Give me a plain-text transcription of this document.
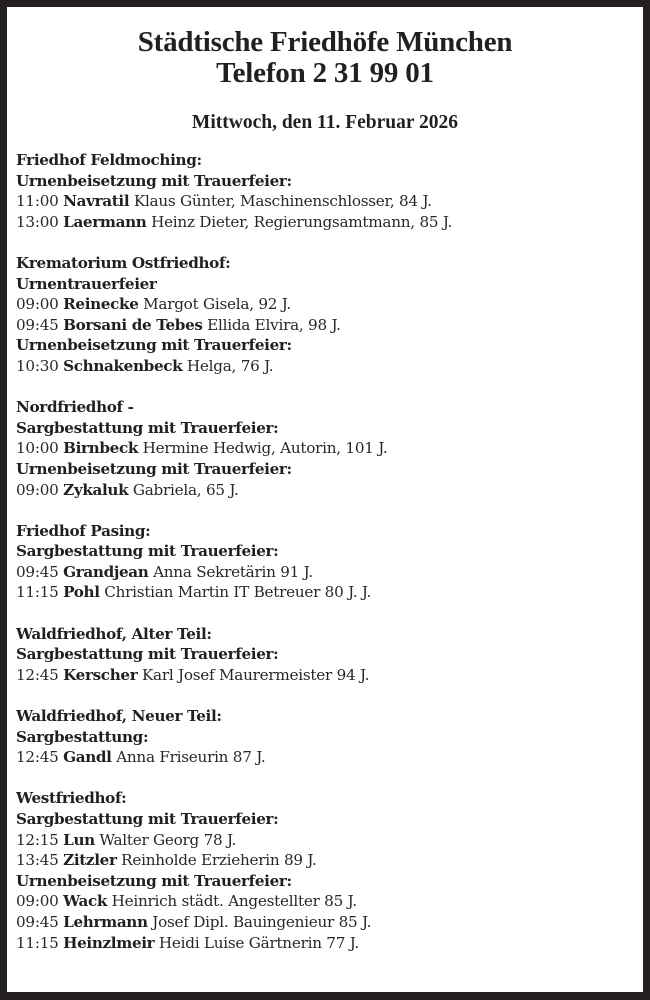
Städtische Friedhöfe München
Telefon 2 31 99 01
Mittwoch, den 11. Februar 2026
Friedhof Feldmoching:
Urnenbeisetzung mit Trauerfeier:
11:00 Navratil Klaus Günter, Maschinenschlosser, 84 J.
13:00 Laermann Heinz Dieter, Regierungsamtmann, 85 J.
Krematorium Ostfriedhof:
Urnentrauerfeier
09:00 Reinecke Margot Gisela, 92 J.
09:45 Borsani de Tebes Ellida Elvira, 98 J.
Urnenbeisetzung mit Trauerfeier:
10:30 Schnakenbeck Helga, 76 J.
Nordfriedhof -
Sargbestattung mit Trauerfeier:
10:00 Birnbeck Hermine Hedwig, Autorin, 101 J.
Urnenbeisetzung mit Trauerfeier:
09:00 Zykaluk Gabriela, 65 J.
Friedhof Pasing:
Sargbestattung mit Trauerfeier:
09:45 Grandjean Anna Sekretärin 91 J.
11:15 Pohl Christian Martin IT Betreuer 80 J. J.
Waldfriedhof, Alter Teil:
Sargbestattung mit Trauerfeier:
12:45 Kerscher Karl Josef Maurermeister 94 J.
Waldfriedhof, Neuer Teil:
Sargbestattung:
12:45 Gandl Anna Friseurin 87 J.
Westfriedhof:
Sargbestattung mit Trauerfeier:
12:15 Lun Walter Georg 78 J.
13:45 Zitzler Reinholde Erzieherin 89 J.
Urnenbeisetzung mit Trauerfeier:
09:00 Wack Heinrich städt. Angestellter 85 J.
09:45 Lehrmann Josef Dipl. Bauingenieur 85 J.
11:15 Heinzlmeir Heidi Luise Gärtnerin 77 J.
